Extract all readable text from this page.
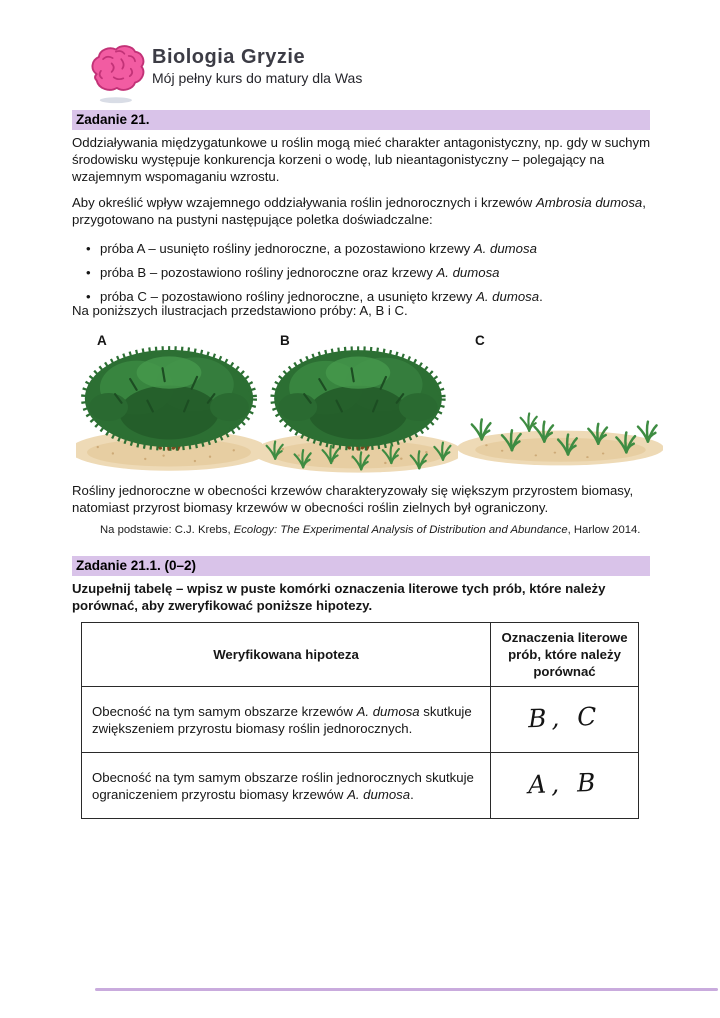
Biologia Gryzie
Mój pełny kurs do matury dla Was
Zadanie 21.
Oddziaływania międzygatunkowe u roślin mogą mieć charakter antagonistyczny, np. gdy w suchym środowisku występuje konkurencja korzeni o wodę, lub nieantagonistyczny – polegający na wzajemnym wspomaganiu wzrostu.
Aby określić wpływ wzajemnego oddziaływania roślin jednorocznych i krzewów Ambrosia dumosa, przygotowano na pustyni następujące poletka doświadczalne:
• próba A – usunięto rośliny jednoroczne, a pozostawiono krzewy A. dumosa
• próba B – pozostawiono rośliny jednoroczne oraz krzewy A. dumosa
• próba C – pozostawiono rośliny jednoroczne, a usunięto krzewy A. dumosa.
Na poniższych ilustracjach przedstawiono próby: A, B i C.
A	B	C
Rośliny jednoroczne w obecności krzewów charakteryzowały się większym przyrostem biomasy, natomiast przyrost biomasy krzewów w obecności roślin zielnych był ograniczony.
Na podstawie: C.J. Krebs, Ecology: The Experimental Analysis of Distribution and Abundance, Harlow 2014.
Zadanie 21.1. (0–2)
Uzupełnij tabelę – wpisz w puste komórki oznaczenia literowe tych prób, które należy porównać, aby zweryfikować poniższe hipotezy.
Weryfikowana hipoteza	Oznaczenia literowe prób, które należy porównać
Obecność na tym samym obszarze krzewów A. dumosa skutkuje zwiększeniem przyrostu biomasy roślin jednorocznych.	B, C
Obecność na tym samym obszarze roślin jednorocznych skutkuje ograniczeniem przyrostu biomasy krzewów A. dumosa.	A, B
